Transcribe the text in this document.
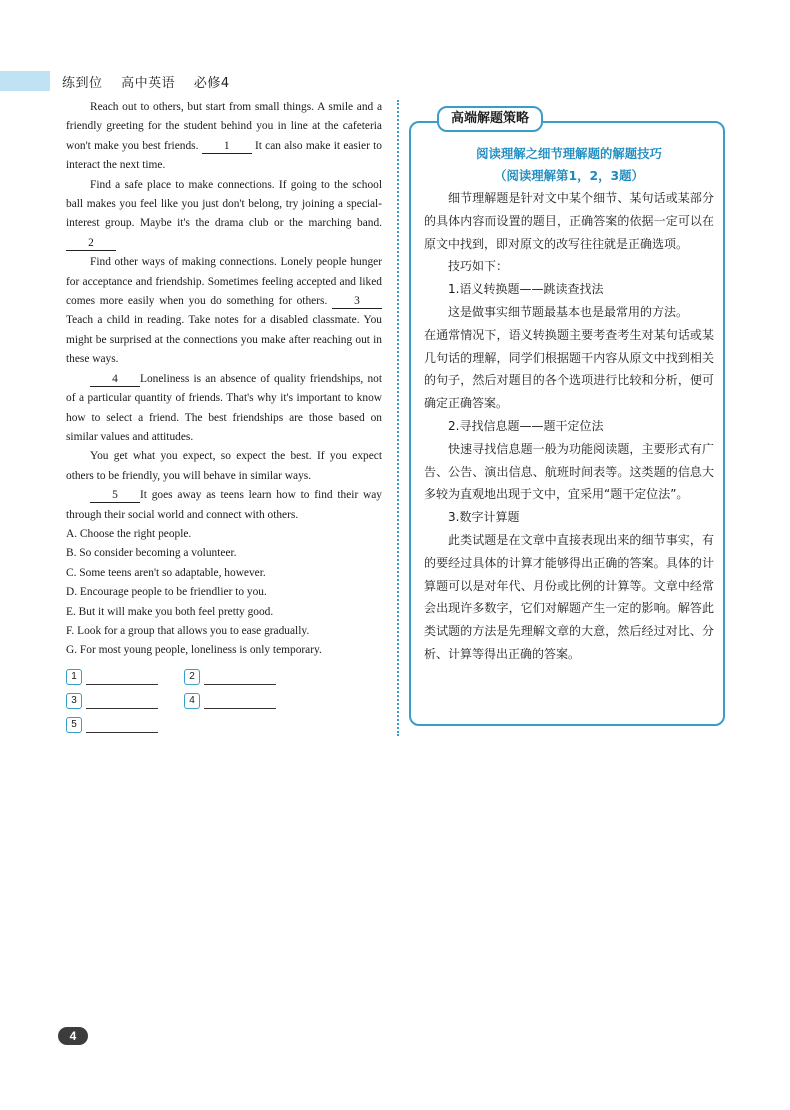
练到位 高中英语 必修4

Reach out to others, but start from small things. A smile and a friendly greeting for the student behind you in line at the cafeteria won't make you best friends. 1 It can also make it easier to interact the next time.

Find a safe place to make connections. If going to the school ball makes you feel like you just don't belong, try joining a special-interest group. Maybe it's the drama club or the marching band. 2

Find other ways of making connections. Lonely people hunger for acceptance and friendship. Sometimes feeling accepted and liked comes more easily when you do something for others. 3Teach a child in reading. Take notes for a disabled classmate. You might be surprised at the connections you make after reaching out in these ways.

4 Loneliness is an absence of quality friendships, not of a particular quantity of friends. That's why it's important to know how to select a friend. The best friendships are those based on similar values and attitudes.

You get what you expect, so expect the best. If you expect others to be friendly, you will behave in similar ways.

5 It goes away as teens learn how to find their way through their social world and connect with others.

A. Choose the right people.
B. So consider becoming a volunteer.
C. Some teens aren't so adaptable, however.
D. Encourage people to be friendlier to you.
E. But it will make you both feel pretty good.
F. Look for a group that allows you to ease gradually.
G. For most young people, loneliness is only temporary.
1	2
3	4
5
高端解题策略
阅读理解之细节理解题的解题技巧
（阅读理解第1，2，3题）

细节理解题是针对文中某个细节、某句话或某部分的具体内容而设置的题目，正确答案的依据一定可以在原文中找到，即对原文的改写往往就是正确选项。

技巧如下：

1.语义转换题——跳读查找法

这是做事实细节题最基本也是最常用的方法。

在通常情况下，语义转换题主要考查考生对某句话或某几句话的理解，同学们根据题干内容从原文中找到相关的句子，然后对题目的各个选项进行比较和分析，便可确定正确答案。

2.寻找信息题——题干定位法

快速寻找信息题一般为功能阅读题，主要形式有广告、公告、演出信息、航班时间表等。这类题的信息大多较为直观地出现于文中，宜采用“题干定位法”。

3.数字计算题

此类试题是在文章中直接表现出来的细节事实，有的要经过具体的计算才能够得出正确的答案。具体的计算题可以是对年代、月份或比例的计算等。文章中经常会出现许多数字，它们对解题产生一定的影响。解答此类试题的方法是先理解文章的大意，然后经过对比、分析、计算等得出正确的答案。

4
